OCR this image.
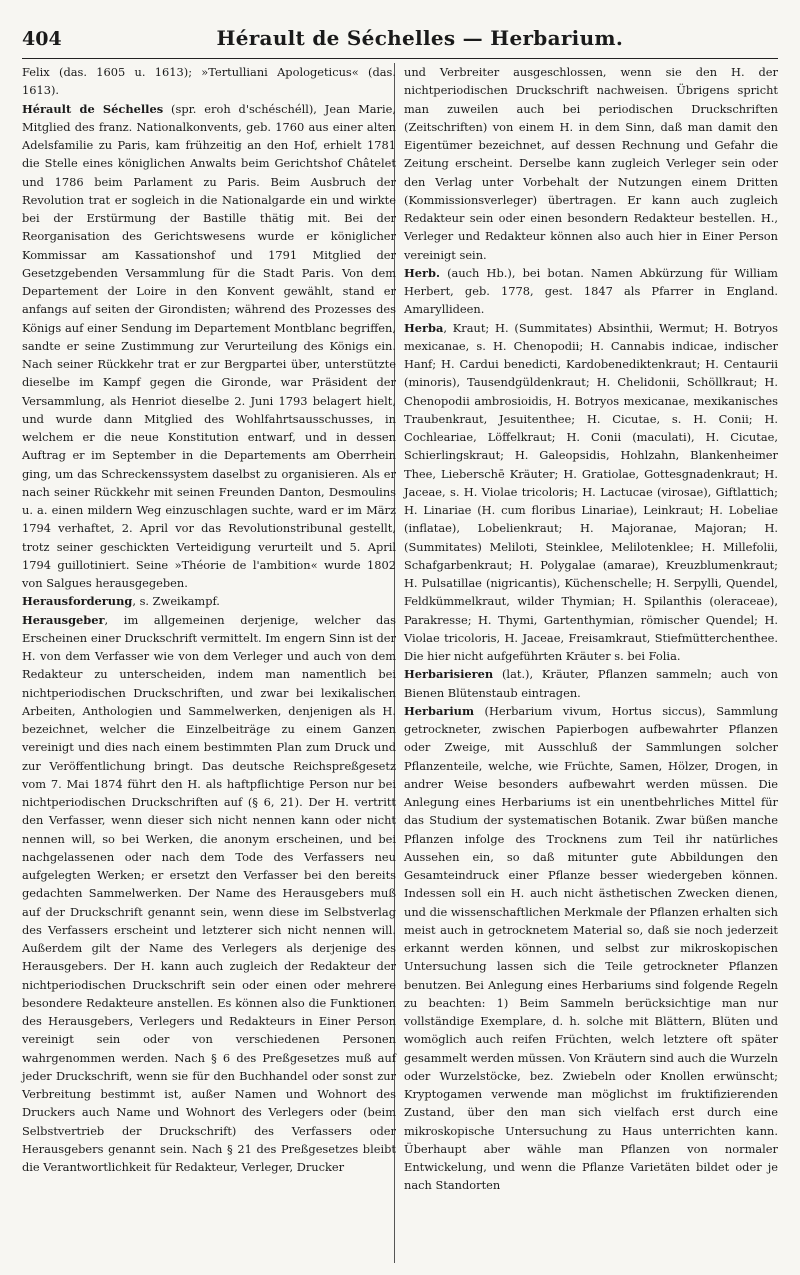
404	Hérault de Séchelles — Herbarium.

Felix (das. 1605 u. 1613); »Tertulliani Apologeticus« (das. 1613).

Hérault de Séchelles (spr. eroh d'schéschéll), Jean Marie, Mitglied des franz. Nationalkonvents, geb. 1760 aus einer alten Adelsfamilie zu Paris, kam frühzeitig an den Hof, erhielt 1781 die Stelle eines königlichen Anwalts beim Gerichtshof Châtelet und 1786 beim Parlament zu Paris. Beim Ausbruch der Revolution trat er sogleich in die Nationalgarde ein und wirkte bei der Erstürmung der Bastille thätig mit. Bei der Reorganisation des Gerichtswesens wurde er königlicher Kommissar am Kassationshof und 1791 Mitglied der Gesetzgebenden Versammlung für die Stadt Paris. Von dem Departement der Loire in den Konvent gewählt, stand er anfangs auf seiten der Girondisten; während des Prozesses des Königs auf einer Sendung im Departement Montblanc begriffen, sandte er seine Zustimmung zur Verurteilung des Königs ein. Nach seiner Rückkehr trat er zur Bergpartei über, unterstützte dieselbe im Kampf gegen die Gironde, war Präsident der Versammlung, als Henriot dieselbe 2. Juni 1793 belagert hielt, und wurde dann Mitglied des Wohlfahrtsausschusses, in welchem er die neue Konstitution entwarf, und in dessen Auftrag er im September in die Departements am Oberrhein ging, um das Schreckenssystem daselbst zu organisieren. Als er nach seiner Rückkehr mit seinen Freunden Danton, Desmoulins u. a. einen mildern Weg einzuschlagen suchte, ward er im März 1794 verhaftet, 2. April vor das Revolutionstribunal gestellt, trotz seiner geschickten Verteidigung verurteilt und 5. April 1794 guillotiniert. Seine »Théorie de l'ambition« wurde 1802 von Salgues herausgegeben.

Herausforderung, s. Zweikampf.

Herausgeber, im allgemeinen derjenige, welcher das Erscheinen einer Druckschrift vermittelt. Im engern Sinn ist der H. von dem Verfasser wie von dem Verleger und auch von dem Redakteur zu unterscheiden, indem man namentlich bei nichtperiodischen Druckschriften, und zwar bei lexikalischen Arbeiten, Anthologien und Sammelwerken, denjenigen als H. bezeichnet, welcher die Einzelbeiträge zu einem Ganzen vereinigt und dies nach einem bestimmten Plan zum Druck und zur Veröffentlichung bringt. Das deutsche Reichspreßgesetz vom 7. Mai 1874 führt den H. als haftpflichtige Person nur bei nichtperiodischen Druckschriften auf (§ 6, 21). Der H. vertritt den Verfasser, wenn dieser sich nicht nennen kann oder nicht nennen will, so bei Werken, die anonym erscheinen, und bei nachgelassenen oder nach dem Tode des Verfassers neu aufgelegten Werken; er ersetzt den Verfasser bei den bereits gedachten Sammelwerken. Der Name des Herausgebers muß auf der Druckschrift genannt sein, wenn diese im Selbstverlag des Verfassers erscheint und letzterer sich nicht nennen will. Außerdem gilt der Name des Verlegers als derjenige des Herausgebers. Der H. kann auch zugleich der Redakteur der nichtperiodischen Druckschrift sein oder einen oder mehrere besondere Redakteure anstellen. Es können also die Funktionen des Herausgebers, Verlegers und Redakteurs in Einer Person vereinigt sein oder von verschiedenen Personen wahrgenommen werden. Nach § 6 des Preßgesetzes muß auf jeder Druckschrift, wenn sie für den Buchhandel oder sonst zur Verbreitung bestimmt ist, außer Namen und Wohnort des Druckers auch Name und Wohnort des Verlegers oder (beim Selbstvertrieb der Druckschrift) des Verfassers oder Herausgebers genannt sein. Nach § 21 des Preßgesetzes bleibt die Verantwortlichkeit für Redakteur, Verleger, Drucker

und Verbreiter ausgeschlossen, wenn sie den H. der nichtperiodischen Druckschrift nachweisen. Übrigens spricht man zuweilen auch bei periodischen Druckschriften (Zeitschriften) von einem H. in dem Sinn, daß man damit den Eigentümer bezeichnet, auf dessen Rechnung und Gefahr die Zeitung erscheint. Derselbe kann zugleich Verleger sein oder den Verlag unter Vorbehalt der Nutzungen einem Dritten (Kommissionsverleger) übertragen. Er kann auch zugleich Redakteur sein oder einen besondern Redakteur bestellen. H., Verleger und Redakteur können also auch hier in Einer Person vereinigt sein.

Herb. (auch Hb.), bei botan. Namen Abkürzung für William Herbert, geb. 1778, gest. 1847 als Pfarrer in England. Amaryllideen.

Herba, Kraut; H. (Summitates) Absinthii, Wermut; H. Botryos mexicanae, s. H. Chenopodii; H. Cannabis indicae, indischer Hanf; H. Cardui benedicti, Kardobenediktenkraut; H. Centaurii (minoris), Tausendgüldenkraut; H. Chelidonii, Schöllkraut; H. Chenopodii ambrosioidis, H. Botryos mexicanae, mexikanisches Traubenkraut, Jesuitenthee; H. Cicutae, s. H. Conii; H. Cochleariae, Löffelkraut; H. Conii (maculati), H. Cicutae, Schierlingskraut; H. Galeopsidis, Hohlzahn, Blankenheimer Thee, Lieberschē Kräuter; H. Gratiolae, Gottesgnadenkraut; H. Jaceae, s. H. Violae tricoloris; H. Lactucae (virosae), Giftlattich; H. Linariae (H. cum floribus Linariae), Leinkraut; H. Lobeliae (inflatae), Lobelienkraut; H. Majoranae, Majoran; H. (Summitates) Meliloti, Steinklee, Melilotenklee; H. Millefolii, Schafgarbenkraut; H. Polygalae (amarae), Kreuzblumenkraut; H. Pulsatillae (nigricantis), Küchenschelle; H. Serpylli, Quendel, Feldkümmelkraut, wilder Thymian; H. Spilanthis (oleraceae), Parakresse; H. Thymi, Gartenthymian, römischer Quendel; H. Violae tricoloris, H. Jaceae, Freisamkraut, Stiefmütterchenthee. Die hier nicht aufgeführten Kräuter s. bei Folia.

Herbarisieren (lat.), Kräuter, Pflanzen sammeln; auch von Bienen Blütenstaub eintragen.

Herbarium (Herbarium vivum, Hortus siccus), Sammlung getrockneter, zwischen Papierbogen aufbewahrter Pflanzen oder Zweige, mit Ausschluß der Sammlungen solcher Pflanzenteile, welche, wie Früchte, Samen, Hölzer, Drogen, in andrer Weise besonders aufbewahrt werden müssen. Die Anlegung eines Herbariums ist ein unentbehrliches Mittel für das Studium der systematischen Botanik. Zwar büßen manche Pflanzen infolge des Trocknens zum Teil ihr natürliches Aussehen ein, so daß mitunter gute Abbildungen den Gesamteindruck einer Pflanze besser wiedergeben können. Indessen soll ein H. auch nicht ästhetischen Zwecken dienen, und die wissenschaftlichen Merkmale der Pflanzen erhalten sich meist auch in getrocknetem Material so, daß sie noch jederzeit erkannt werden können, und selbst zur mikroskopischen Untersuchung lassen sich die Teile getrockneter Pflanzen benutzen. Bei Anlegung eines Herbariums sind folgende Regeln zu beachten: 1) Beim Sammeln berücksichtige man nur vollständige Exemplare, d. h. solche mit Blättern, Blüten und womöglich auch reifen Früchten, welch letztere oft später gesammelt werden müssen. Von Kräutern sind auch die Wurzeln oder Wurzelstöcke, bez. Zwiebeln oder Knollen erwünscht; Kryptogamen verwende man möglichst im fruktifizierenden Zustand, über den man sich vielfach erst durch eine mikroskopische Untersuchung zu Haus unterrichten kann. Überhaupt aber wähle man Pflanzen von normaler Entwickelung, und wenn die Pflanze Varietäten bildet oder je nach Standorten
